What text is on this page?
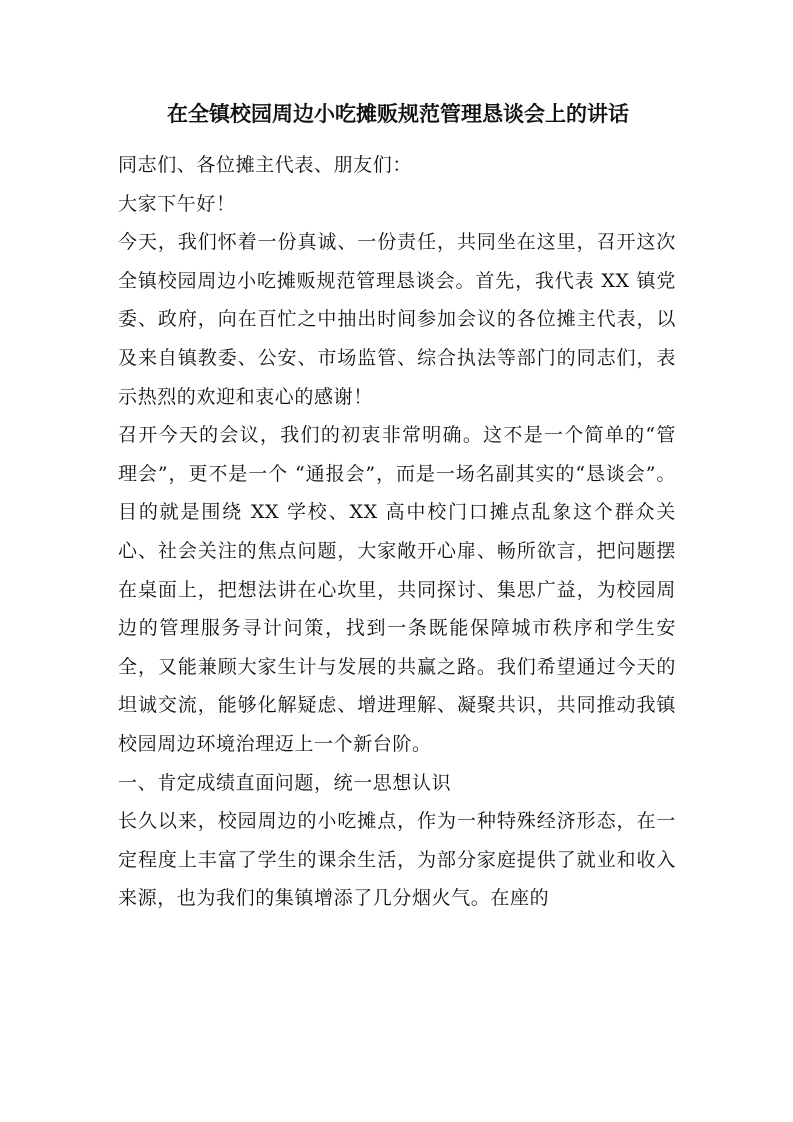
在全镇校园周边小吃摊贩规范管理恳谈会上的讲话

同志们、各位摊主代表、朋友们：

大家下午好！

今天，我们怀着一份真诚、一份责任，共同坐在这里，召开这次全镇校园周边小吃摊贩规范管理恳谈会。首先，我代表 XX 镇党委、政府，向在百忙之中抽出时间参加会议的各位摊主代表，以及来自镇教委、公安、市场监管、综合执法等部门的同志们，表示热烈的欢迎和衷心的感谢！

召开今天的会议，我们的初衷非常明确。这不是一个简单的“管理会”，更不是一个 “通报会”，而是一场名副其实的“恳谈会”。目的就是围绕 XX 学校、XX 高中校门口摊点乱象这个群众关心、社会关注的焦点问题，大家敞开心扉、畅所欲言，把问题摆在桌面上，把想法讲在心坎里，共同探讨、集思广益，为校园周边的管理服务寻计问策，找到一条既能保障城市秩序和学生安全，又能兼顾大家生计与发展的共赢之路。我们希望通过今天的坦诚交流，能够化解疑虑、增进理解、凝聚共识，共同推动我镇校园周边环境治理迈上一个新台阶。

一、肯定成绩直面问题，统一思想认识

长久以来，校园周边的小吃摊点，作为一种特殊经济形态，在一定程度上丰富了学生的课余生活，为部分家庭提供了就业和收入来源，也为我们的集镇增添了几分烟火气。在座的
